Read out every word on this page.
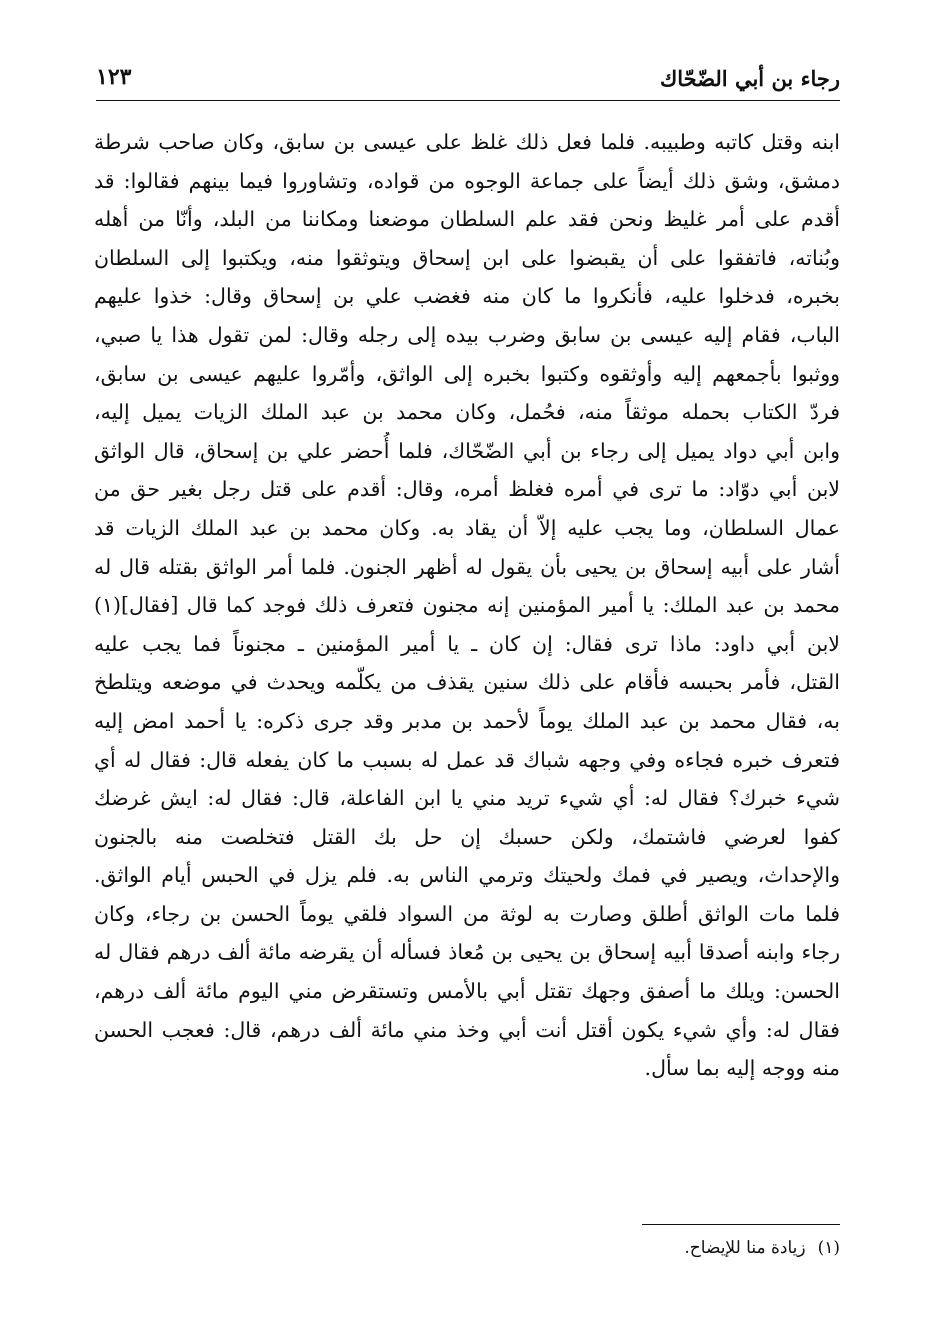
رجاء بن أبي الضّحّاك
١٢٣
ابنه وقتل كاتبه وطبيبه. فلما فعل ذلك غلظ على عيسى بن سابق، وكان صاحب شرطة
دمشق، وشق ذلك أيضاً على جماعة الوجوه من قواده، وتشاوروا فيما بينهم فقالوا: قد
أقدم على أمر غليظ ونحن فقد علم السلطان موضعنا ومكاننا من البلد، وأنّا من أهله
وبُناته، فاتفقوا على أن يقبضوا على ابن إسحاق ويتوثقوا منه، ويكتبوا إلى السلطان
بخبره، فدخلوا عليه، فأنكروا ما كان منه فغضب علي بن إسحاق وقال: خذوا عليهم
الباب، فقام إليه عيسى بن سابق وضرب بيده إلى رجله وقال: لمن تقول هذا يا صبي،
ووثبوا بأجمعهم إليه وأوثقوه وكتبوا بخبره إلى الواثق، وأمّروا عليهم عيسى بن سابق،
فردّ الكتاب بحمله موثقاً منه، فحُمل، وكان محمد بن عبد الملك الزيات يميل إليه،
وابن أبي دواد يميل إلى رجاء بن أبي الضّحّاك، فلما أُحضر علي بن إسحاق، قال الواثق
لابن أبي دوّاد: ما ترى في أمره فغلظ أمره، وقال: أقدم على قتل رجل بغير حق من
عمال السلطان، وما يجب عليه إلاّ أن يقاد به. وكان محمد بن عبد الملك الزيات قد
أشار على أبيه إسحاق بن يحيى بأن يقول له أظهر الجنون. فلما أمر الواثق بقتله قال له
محمد بن عبد الملك: يا أمير المؤمنين إنه مجنون فتعرف ذلك فوجد كما قال [فقال](١)
لابن أبي داود: ماذا ترى فقال: إن كان ـ يا أمير المؤمنين ـ مجنوناً فما يجب عليه
القتل، فأمر بحبسه فأقام على ذلك سنين يقذف من يكلّمه ويحدث في موضعه ويتلطخ
به، فقال محمد بن عبد الملك يوماً لأحمد بن مدبر وقد جرى ذكره: يا أحمد امض إليه
فتعرف خبره فجاءه وفي وجهه شباك قد عمل له بسبب ما كان يفعله قال: فقال له أي
شيء خبرك؟ فقال له: أي شيء تريد مني يا ابن الفاعلة، قال: فقال له: ايش غرضك
كفوا لعرضي فاشتمك، ولكن حسبك إن حل بك القتل فتخلصت منه بالجنون
والإحداث، ويصير في فمك ولحيتك وترمي الناس به. فلم يزل في الحبس أيام الواثق.
فلما مات الواثق أطلق وصارت به لوثة من السواد فلقي يوماً الحسن بن رجاء، وكان
رجاء وابنه أصدقا أبيه إسحاق بن يحيى بن مُعاذ فسأله أن يقرضه مائة ألف درهم فقال له
الحسن: ويلك ما أصفق وجهك تقتل أبي بالأمس وتستقرض مني اليوم مائة ألف درهم،
فقال له: وأي شيء يكون أقتل أنت أبي وخذ مني مائة ألف درهم، قال: فعجب الحسن
منه ووجه إليه بما سأل.
(١)زيادة منا للإيضاح.
